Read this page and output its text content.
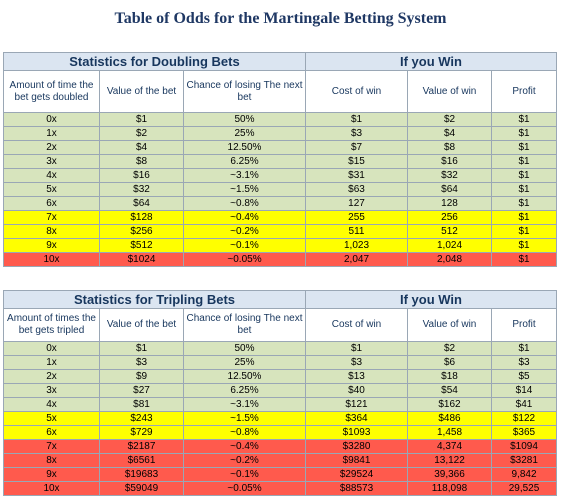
Table of Odds for the Martingale Betting System
Statistics for Doubling Bets			If you Win		
Amount of time the bet gets doubled	Value of the bet	Chance of losing The next bet	Cost of win	Value of win	Profit
0x	$1	50%	$1	$2	$1
1x	$2	25%	$3	$4	$1
2x	$4	12.50%	$7	$8	$1
3x	$8	6.25%	$15	$16	$1
4x	$16	~3.1%	$31	$32	$1
5x	$32	~1.5%	$63	$64	$1
6x	$64	~0.8%	127	128	$1
7x	$128	~0.4%	255	256	$1
8x	$256	~0.2%	511	512	$1
9x	$512	~0.1%	1,023	1,024	$1
10x	$1024	~0.05%	2,047	2,048	$1
Statistics for Tripling Bets			If you Win		
Amount of times the bet gets tripled	Value of the bet	Chance of losing The next bet	Cost of win	Value of win	Profit
0x	$1	50%	$1	$2	$1
1x	$3	25%	$3	$6	$3
2x	$9	12.50%	$13	$18	$5
3x	$27	6.25%	$40	$54	$14
4x	$81	~3.1%	$121	$162	$41
5x	$243	~1.5%	$364	$486	$122
6x	$729	~0.8%	$1093	1,458	$365
7x	$2187	~0.4%	$3280	4,374	$1094
8x	$6561	~0.2%	$9841	13,122	$3281
9x	$19683	~0.1%	$29524	39,366	9,842
10x	$59049	~0.05%	$88573	118,098	29,525
